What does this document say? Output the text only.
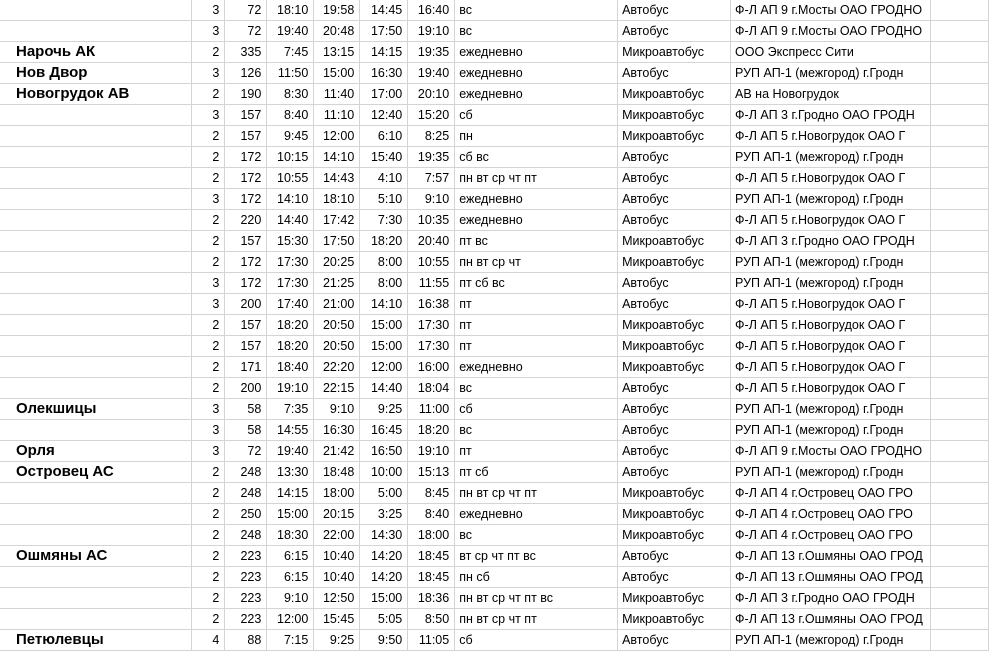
	3	72	18:10	19:58	14:45	16:40	вс	Автобус	Ф-Л АП 9 г.Мосты ОАО ГРОДНО	
	3	72	19:40	20:48	17:50	19:10	вс	Автобус	Ф-Л АП 9 г.Мосты ОАО ГРОДНО	
Нарочь АК	2	335	7:45	13:15	14:15	19:35	ежедневно	Микроавтобус	ООО Экспресс Сити	
Нов Двор	3	126	11:50	15:00	16:30	19:40	ежедневно	Автобус	РУП АП-1 (межгород) г.Гродн	
Новогрудок АВ	2	190	8:30	11:40	17:00	20:10	ежедневно	Микроавтобус	АВ на Новогрудок	
	3	157	8:40	11:10	12:40	15:20	сб	Микроавтобус	Ф-Л АП 3 г.Гродно ОАО ГРОДН	
	2	157	9:45	12:00	6:10	8:25	пн	Микроавтобус	Ф-Л АП 5 г.Новогрудок ОАО Г	
	2	172	10:15	14:10	15:40	19:35	сб вс	Автобус	РУП АП-1 (межгород) г.Гродн	
	2	172	10:55	14:43	4:10	7:57	пн вт ср чт пт	Автобус	Ф-Л АП 5 г.Новогрудок ОАО Г	
	3	172	14:10	18:10	5:10	9:10	ежедневно	Автобус	РУП АП-1 (межгород) г.Гродн	
	2	220	14:40	17:42	7:30	10:35	ежедневно	Автобус	Ф-Л АП 5 г.Новогрудок ОАО Г	
	2	157	15:30	17:50	18:20	20:40	пт вс	Микроавтобус	Ф-Л АП 3 г.Гродно ОАО ГРОДН	
	2	172	17:30	20:25	8:00	10:55	пн вт ср чт	Микроавтобус	РУП АП-1 (межгород) г.Гродн	
	3	172	17:30	21:25	8:00	11:55	пт сб вс	Автобус	РУП АП-1 (межгород) г.Гродн	
	3	200	17:40	21:00	14:10	16:38	пт	Автобус	Ф-Л АП 5 г.Новогрудок ОАО Г	
	2	157	18:20	20:50	15:00	17:30	пт	Микроавтобус	Ф-Л АП 5 г.Новогрудок ОАО Г	
	2	157	18:20	20:50	15:00	17:30	пт	Микроавтобус	Ф-Л АП 5 г.Новогрудок ОАО Г	
	2	171	18:40	22:20	12:00	16:00	ежедневно	Микроавтобус	Ф-Л АП 5 г.Новогрудок ОАО Г	
	2	200	19:10	22:15	14:40	18:04	вс	Автобус	Ф-Л АП 5 г.Новогрудок ОАО Г	
Олекшицы	3	58	7:35	9:10	9:25	11:00	сб	Автобус	РУП АП-1 (межгород) г.Гродн	
	3	58	14:55	16:30	16:45	18:20	вс	Автобус	РУП АП-1 (межгород) г.Гродн	
Орля	3	72	19:40	21:42	16:50	19:10	пт	Автобус	Ф-Л АП 9 г.Мосты ОАО ГРОДНО	
Островец АС	2	248	13:30	18:48	10:00	15:13	пт сб	Автобус	РУП АП-1 (межгород) г.Гродн	
	2	248	14:15	18:00	5:00	8:45	пн вт ср чт пт	Микроавтобус	Ф-Л АП 4 г.Островец ОАО ГРО	
	2	250	15:00	20:15	3:25	8:40	ежедневно	Микроавтобус	Ф-Л АП 4 г.Островец ОАО ГРО	
	2	248	18:30	22:00	14:30	18:00	вс	Микроавтобус	Ф-Л АП 4 г.Островец ОАО ГРО	
Ошмяны АС	2	223	6:15	10:40	14:20	18:45	вт ср чт пт вс	Автобус	Ф-Л АП 13 г.Ошмяны ОАО ГРОД	
	2	223	6:15	10:40	14:20	18:45	пн сб	Автобус	Ф-Л АП 13 г.Ошмяны ОАО ГРОД	
	2	223	9:10	12:50	15:00	18:36	пн вт ср чт пт вс	Микроавтобус	Ф-Л АП 3 г.Гродно ОАО ГРОДН	
	2	223	12:00	15:45	5:05	8:50	пн вт ср чт пт	Микроавтобус	Ф-Л АП 13 г.Ошмяны ОАО ГРОД	
Петюлевцы	4	88	7:15	9:25	9:50	11:05	сб	Автобус	РУП АП-1 (межгород) г.Гродн	
